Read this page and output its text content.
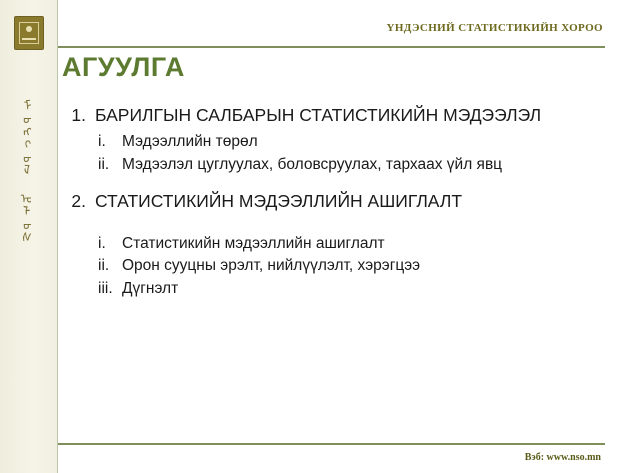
ᠮᠣᠩᠭᠣᠯ ᠤᠯᠤᠰ
ҮНДЭСНИЙ СТАТИСТИКИЙН ХОРОО
АГУУЛГА
1. БАРИЛГЫН САЛБАРЫН СТАТИСТИКИЙН МЭДЭЭЛЭЛ
i.	Мэдээллийн төрөл
ii. Мэдээлэл цуглуулах, боловсруулах, тархаах үйл явц
2. СТАТИСТИКИЙН МЭДЭЭЛЛИЙН АШИГЛАЛТ
i.	Статистикийн мэдээллийн ашиглалт
ii. Орон сууцны эрэлт, нийлүүлэлт, хэрэгцээ
iii. Дүгнэлт
Вэб: www.nso.mn
